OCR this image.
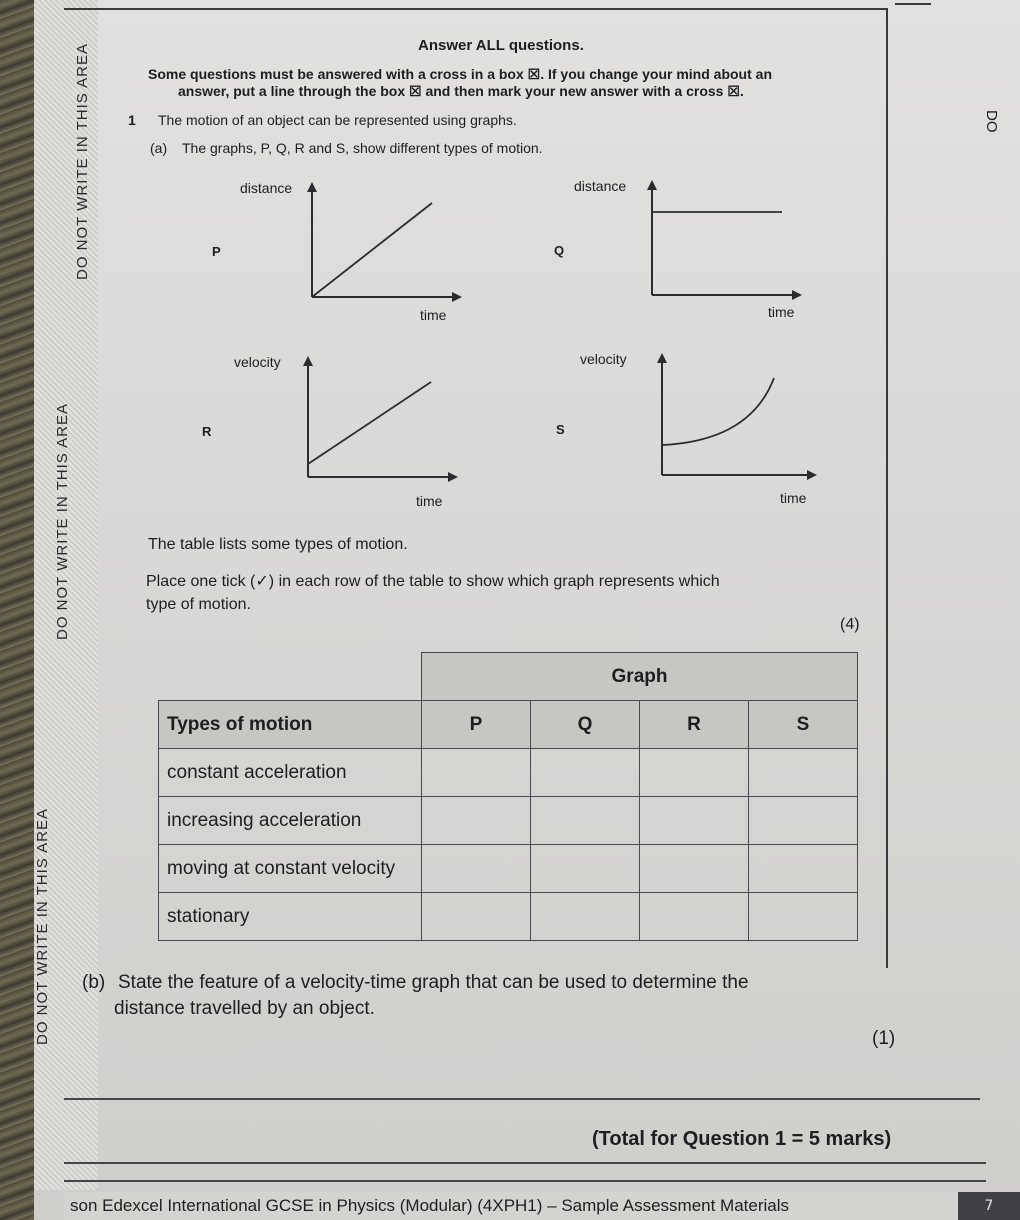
DO NOT WRITE IN THIS AREA
DO NOT WRITE IN THIS AREA
DO NOT WRITE IN THIS AREA
DO
Answer ALL questions.
Some questions must be answered with a cross in a box ☒. If you change your mind about an
answer, put a line through the box ☒ and then mark your new answer with a cross ☒.
1 The motion of an object can be represented using graphs.
(a) The graphs, P, Q, R and S, show different types of motion.
distance
P
time
distance
Q
time
velocity
R
time
velocity
S
time
The table lists some types of motion.
Place one tick (✓) in each row of the table to show which graph represents which
type of motion.
(4)
	Graph			
Types of motion	P	Q	R	S
constant acceleration				
increasing acceleration				
moving at constant velocity				
stationary				
(b) State the feature of a velocity-time graph that can be used to determine the
distance travelled by an object.
(1)
(Total for Question 1 = 5 marks)
son Edexcel International GCSE in Physics (Modular) (4XPH1) – Sample Assessment Materials	7
